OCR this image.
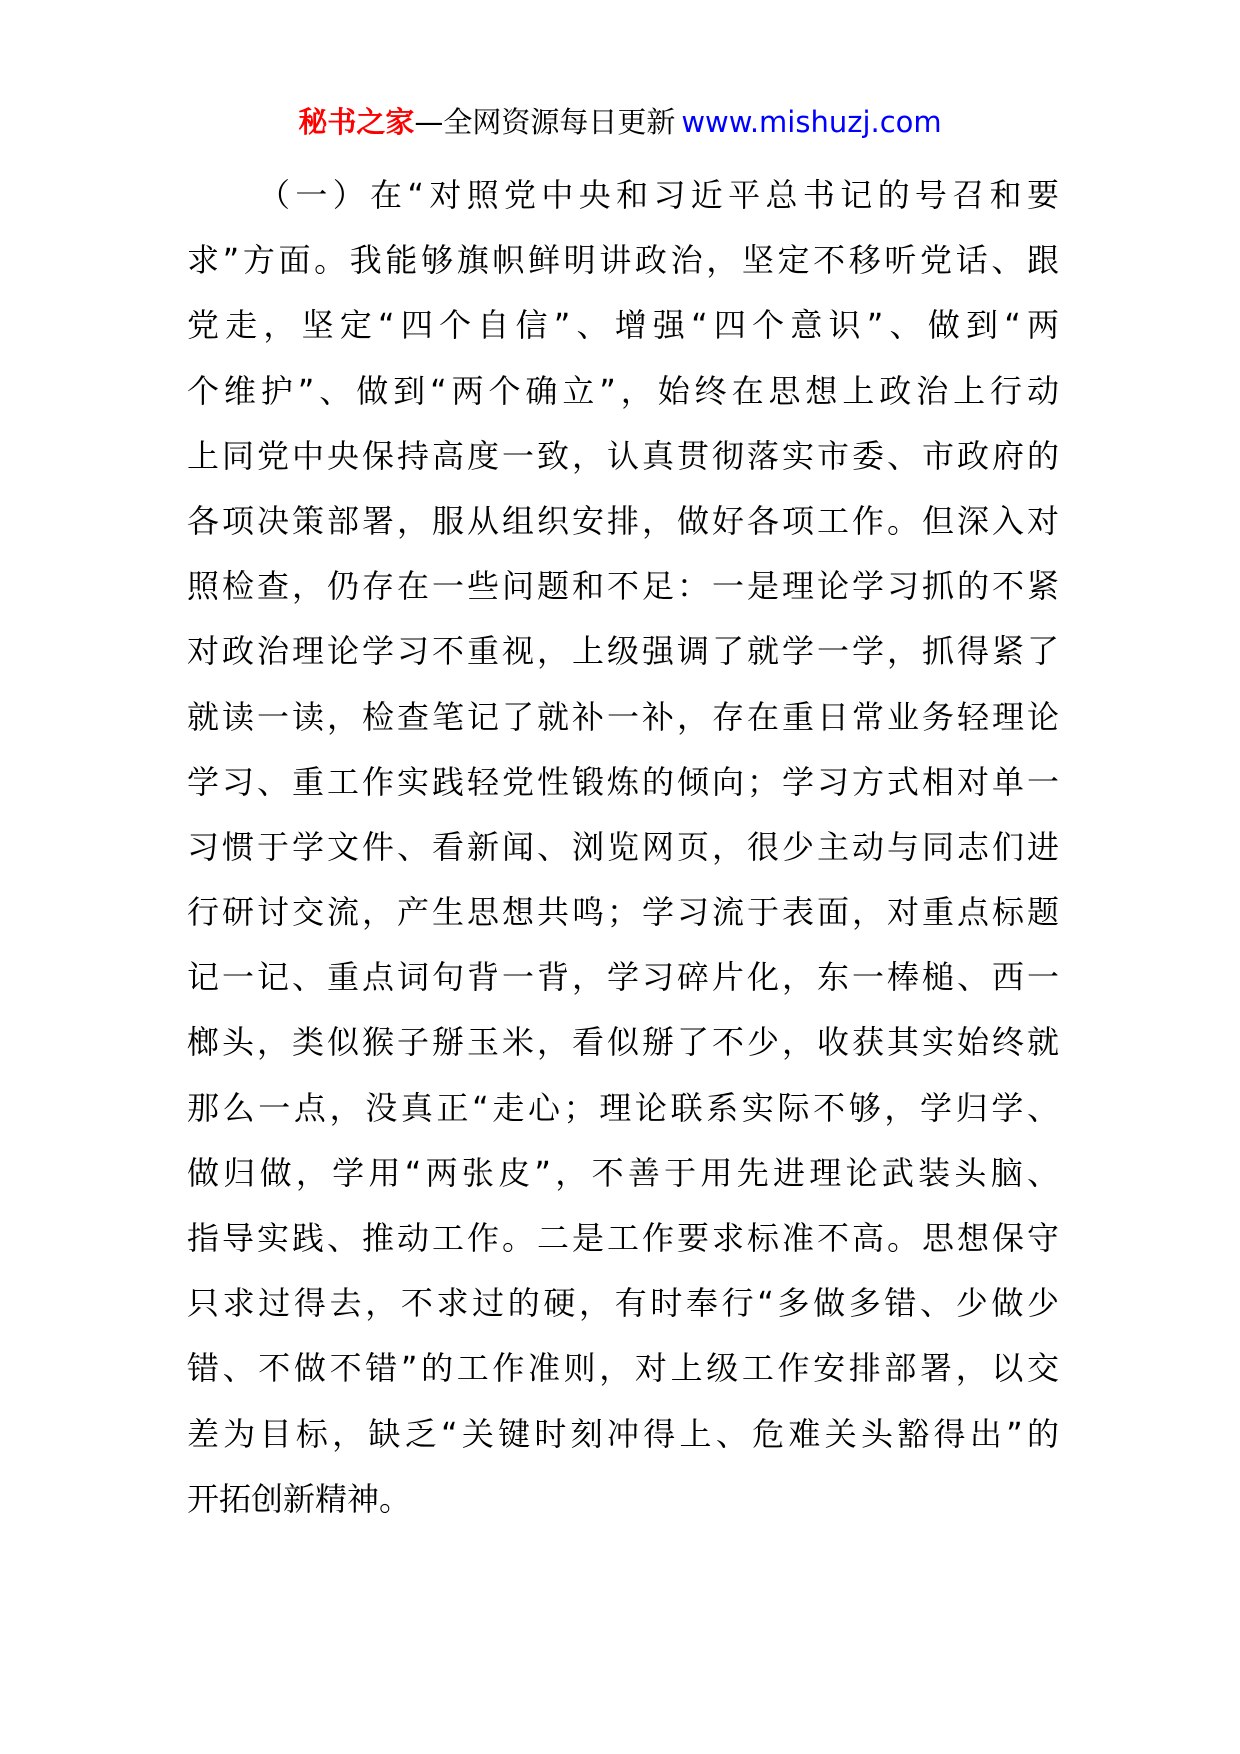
秘书之家—全网资源每日更新 www.mishuzj.com
（一）在“对照党中央和习近平总书记的号召和要
求”方面。我能够旗帜鲜明讲政治，坚定不移听党话、跟
党走，坚定“四个自信”、增强“四个意识”、做到“两
个维护”、做到“两个确立”，始终在思想上政治上行动
上同党中央保持高度一致，认真贯彻落实市委、市政府的
各项决策部署，服从组织安排，做好各项工作。但深入对
照检查，仍存在一些问题和不足：一是理论学习抓的不紧
对政治理论学习不重视，上级强调了就学一学，抓得紧了
就读一读，检查笔记了就补一补，存在重日常业务轻理论
学习、重工作实践轻党性锻炼的倾向；学习方式相对单一
习惯于学文件、看新闻、浏览网页，很少主动与同志们进
行研讨交流，产生思想共鸣；学习流于表面，对重点标题
记一记、重点词句背一背，学习碎片化，东一棒槌、西一
榔头，类似猴子掰玉米，看似掰了不少，收获其实始终就
那么一点，没真正“走心；理论联系实际不够，学归学、
做归做，学用“两张皮”，不善于用先进理论武装头脑、
指导实践、推动工作。二是工作要求标准不高。思想保守
只求过得去，不求过的硬，有时奉行“多做多错、少做少
错、不做不错”的工作准则，对上级工作安排部署，以交
差为目标，缺乏“关键时刻冲得上、危难关头豁得出”的
开拓创新精神。
